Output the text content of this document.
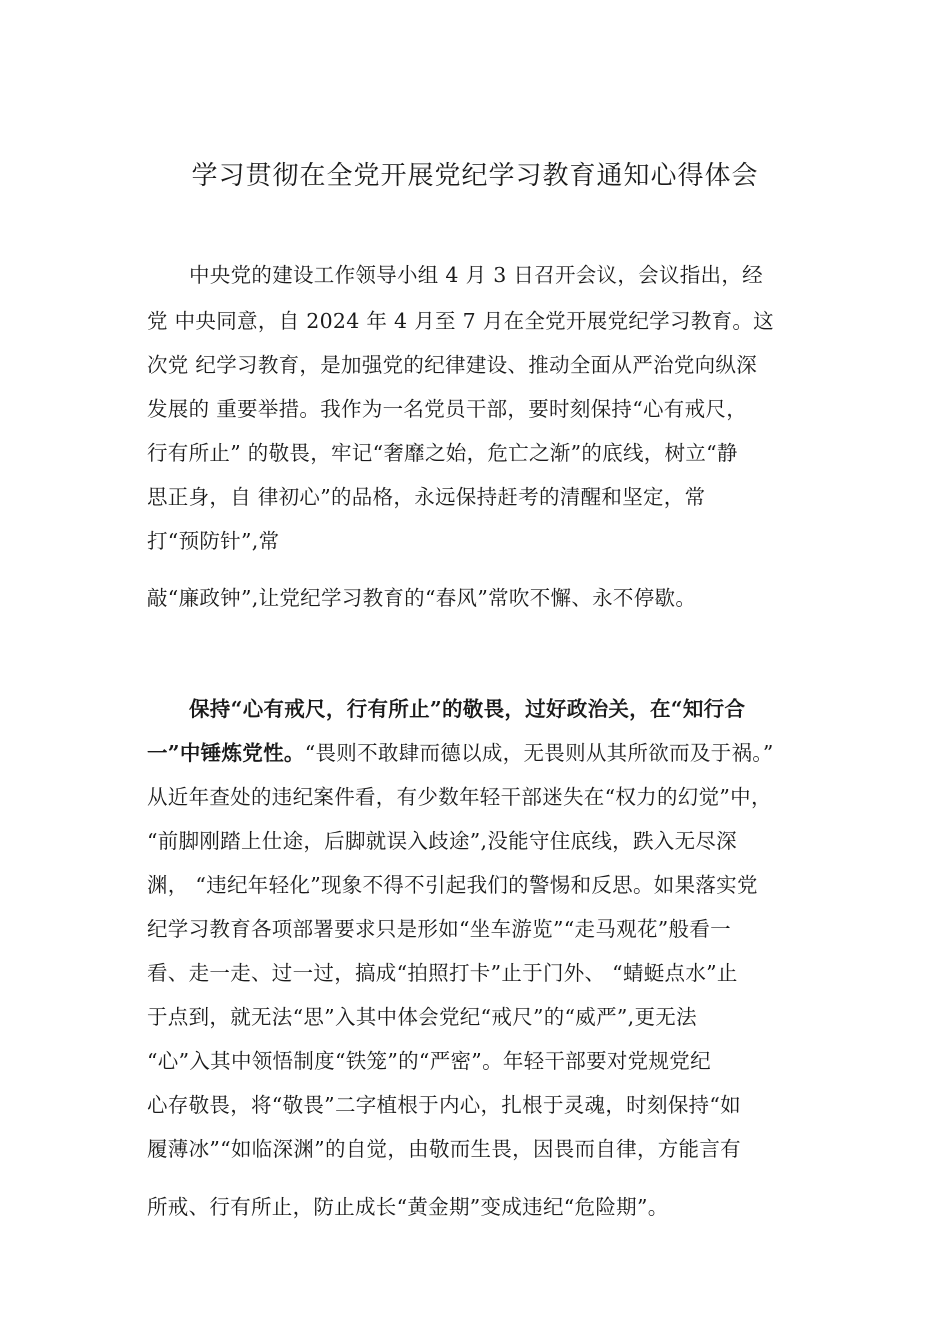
学习贯彻在全党开展党纪学习教育通知心得体会
中央党的建设工作领导小组 4 月 3 日召开会议，会议指出，经
党 中央同意，自 2024 年 4 月至 7 月在全党开展党纪学习教育。这
次党 纪学习教育，是加强党的纪律建设、推动全面从严治党向纵深
发展的 重要举措。我作为一名党员干部，要时刻保持“心有戒尺，
行有所止” 的敬畏，牢记“奢靡之始，危亡之渐”的底线，树立“静
思正身，自 律初心”的品格，永远保持赶考的清醒和坚定，常
打“预防针”,常
敲“廉政钟”,让党纪学习教育的“春风”常吹不懈、永不停歇。
保持“心有戒尺，行有所止”的敬畏，过好政治关，在“知行合
一”中锤炼党性。“畏则不敢肆而德以成，无畏则从其所欲而及于祸。”
从近年查处的违纪案件看，有少数年轻干部迷失在“权力的幻觉”中，
“前脚刚踏上仕途，后脚就误入歧途”,没能守住底线，跌入无尽深
渊， “违纪年轻化”现象不得不引起我们的警惕和反思。如果落实党
纪学习教育各项部署要求只是形如“坐车游览”“走马观花”般看一
看、走一走、过一过，搞成“拍照打卡”止于门外、 “蜻蜓点水”止
于点到，就无法“思”入其中体会党纪“戒尺”的“威严”,更无法
“心”入其中领悟制度“铁笼”的“严密”。年轻干部要对党规党纪
心存敬畏，将“敬畏”二字植根于内心，扎根于灵魂，时刻保持“如
履薄冰”“如临深渊”的自觉，由敬而生畏，因畏而自律，方能言有
所戒、行有所止，防止成长“黄金期”变成违纪“危险期”。
